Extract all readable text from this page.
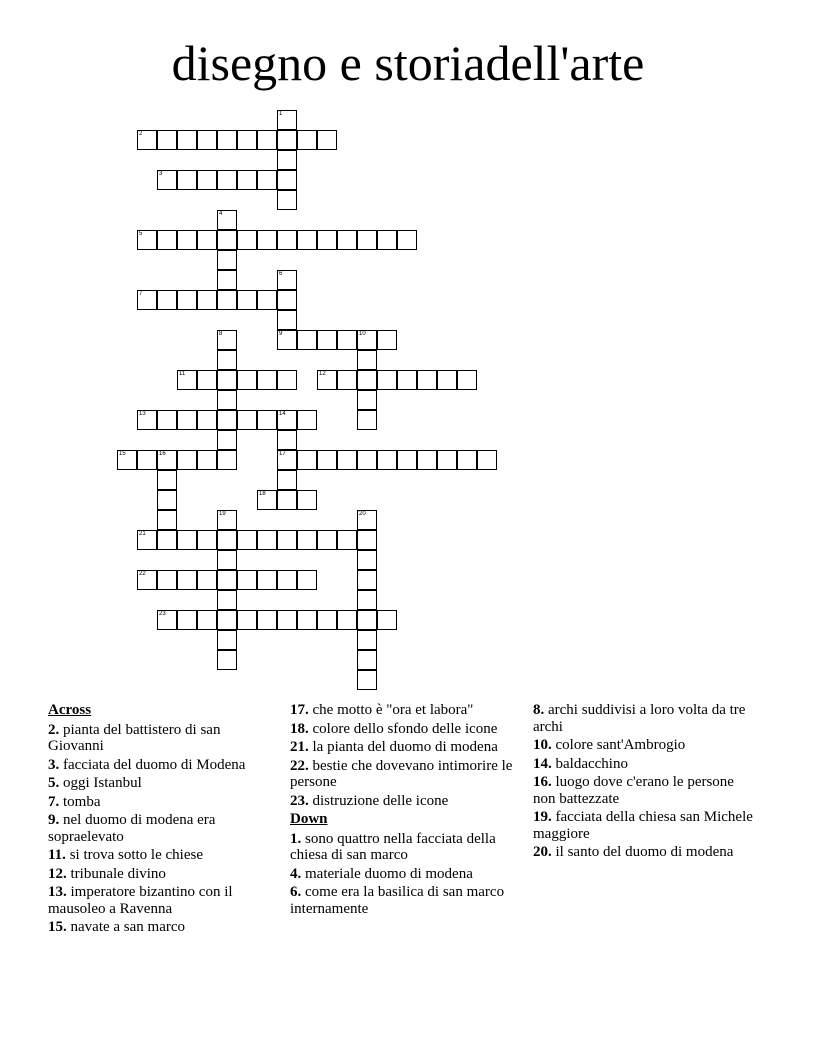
disegno e storiadell'arte
1
2
3
4
5
6
9
7
8	10
11	12
13	14
17
15	16
18
19	20
21
22
23
Across
2. pianta del battistero di san Giovanni
3. facciata del duomo di Modena
5. oggi Istanbul
7. tomba
9. nel duomo di modena era sopraelevato
11. si trova sotto le chiese
12. tribunale divino
13. imperatore bizantino con il mausoleo a Ravenna
15. navate a san marco
17. che motto è "ora et labora"
18. colore dello sfondo delle icone
21. la pianta del duomo di modena
22. bestie che dovevano intimorire le persone
23. distruzione delle icone
Down
1. sono quattro nella facciata della chiesa di san marco
4. materiale duomo di modena
6. come era la basilica di san marco internamente
8. archi suddivisi a loro volta da tre archi
10. colore sant'Ambrogio
14. baldacchino
16. luogo dove c'erano le persone non battezzate
19. facciata della chiesa san Michele maggiore
20. il santo del duomo di modena
